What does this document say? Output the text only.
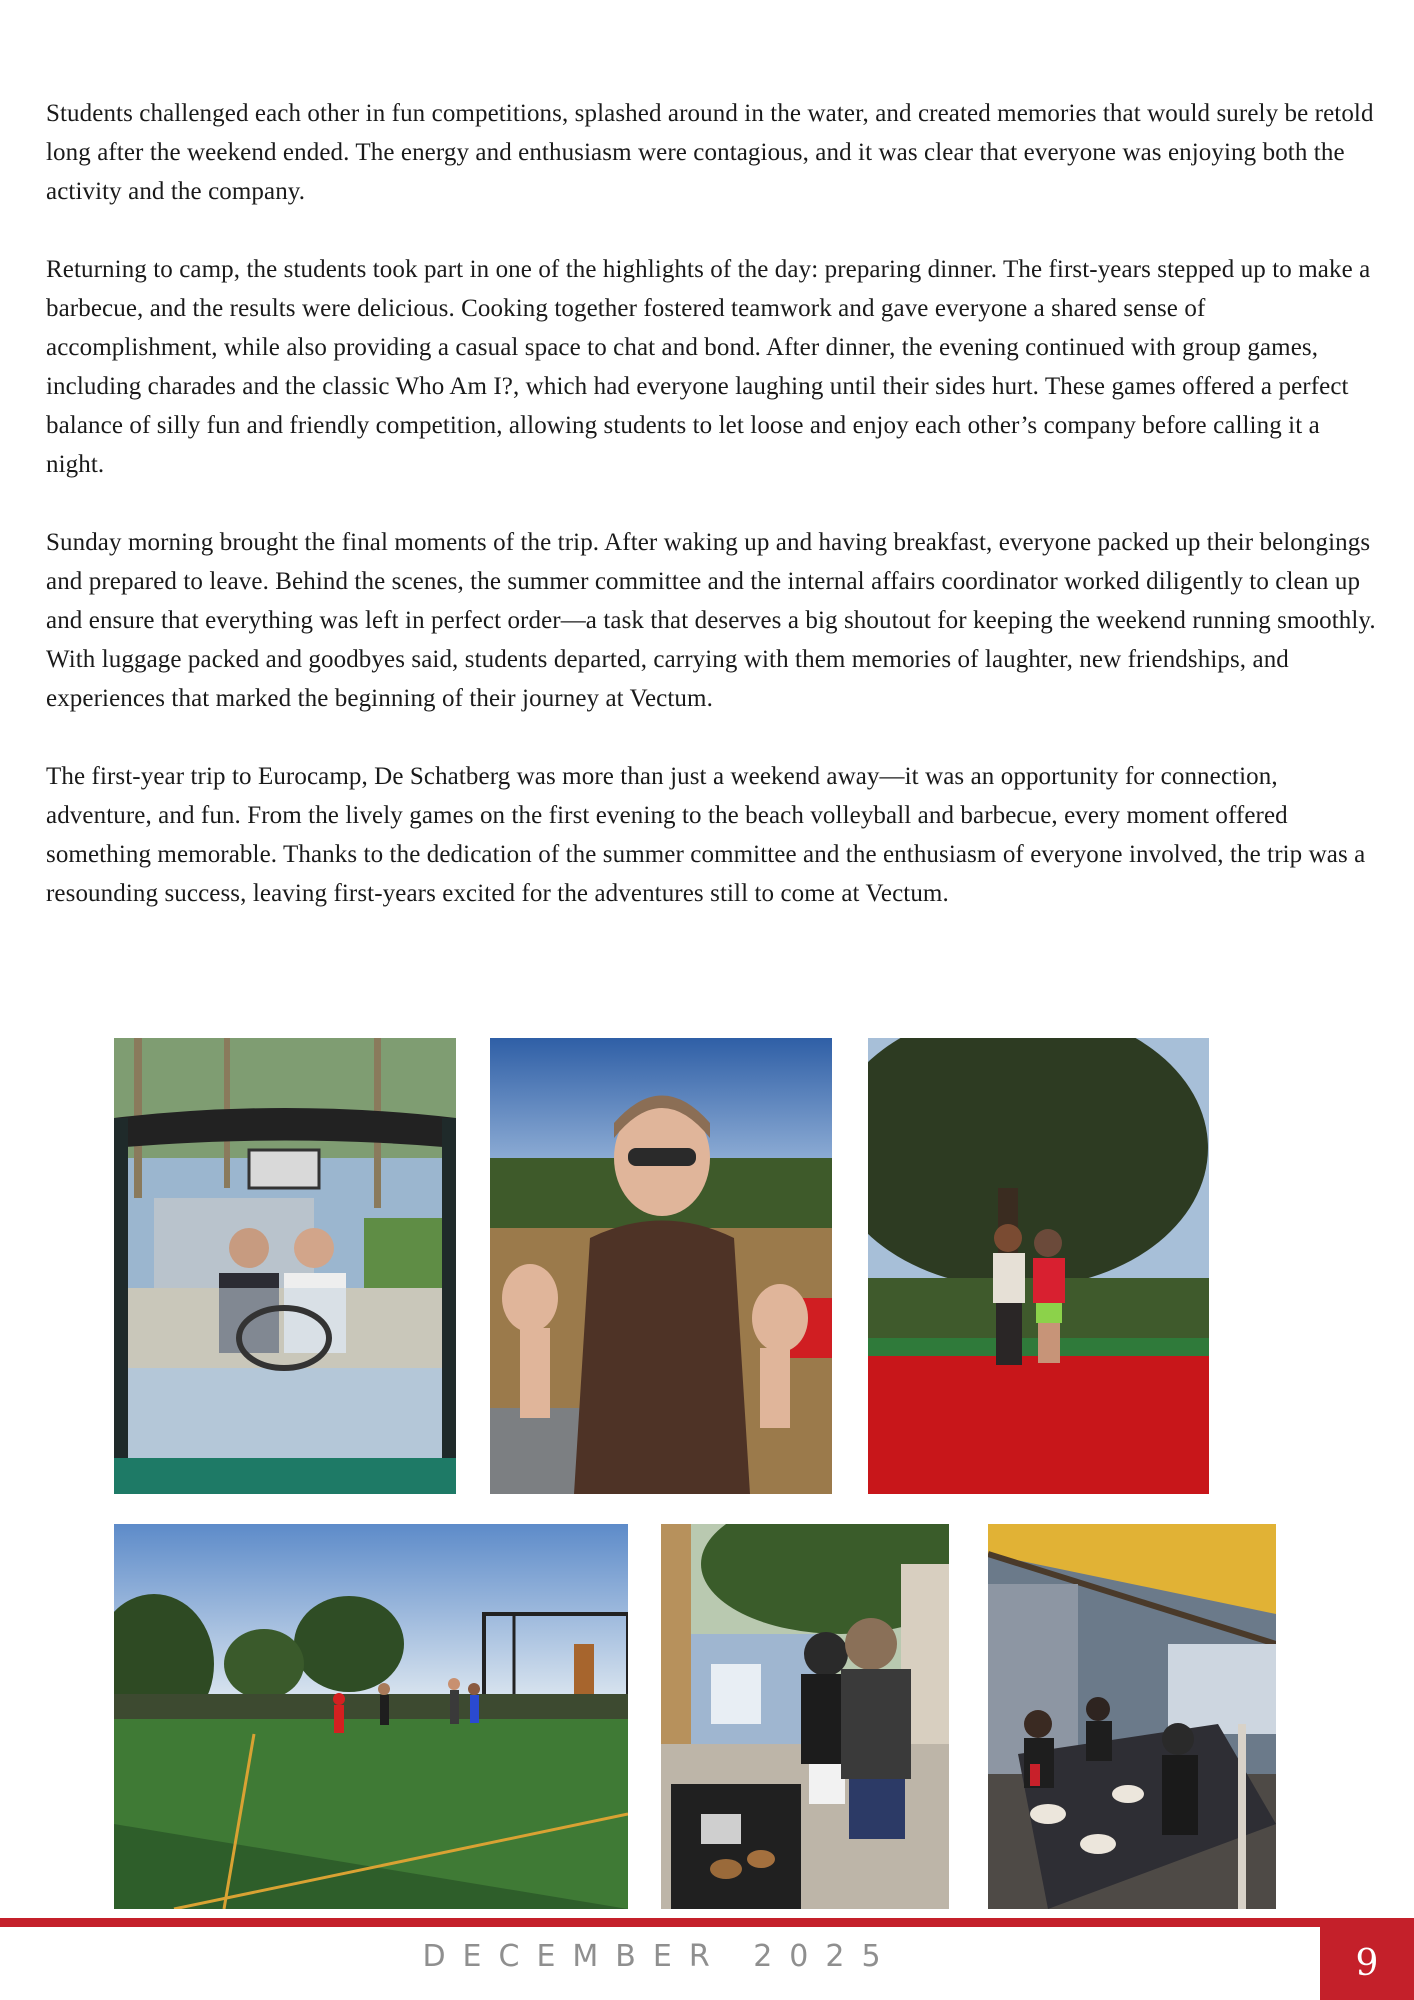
Students challenged each other in fun competitions, splashed around in the water, and created memories that would surely be retold long after the weekend ended. The energy and enthusiasm were contagious, and it was clear that everyone was enjoying both the activity and the company.

Returning to camp, the students took part in one of the highlights of the day: preparing dinner. The first-years stepped up to make a barbecue, and the results were delicious. Cooking together fostered teamwork and gave everyone a shared sense of accomplishment, while also providing a casual space to chat and bond. After dinner, the evening continued with group games, including charades and the classic Who Am I?, which had everyone laughing until their sides hurt. These games offered a perfect balance of silly fun and friendly competition, allowing students to let loose and enjoy each other’s company before calling it a night.

Sunday morning brought the final moments of the trip. After waking up and having breakfast, everyone packed up their belongings and prepared to leave. Behind the scenes, the summer committee and the internal affairs coordinator worked diligently to clean up and ensure that everything was left in perfect order—a task that deserves a big shoutout for keeping the weekend running smoothly. With luggage packed and goodbyes said, students departed, carrying with them memories of laughter, new friendships, and experiences that marked the beginning of their journey at Vectum.

The first-year trip to Eurocamp, De Schatberg was more than just a weekend away—it was an opportunity for connection, adventure, and fun. From the lively games on the first evening to the beach volleyball and barbecue, every moment offered something memorable. Thanks to the dedication of the summer committee and the enthusiasm of everyone involved, the trip was a resounding success, leaving first-years excited for the adventures still to come at Vectum.

DECEMBER 2025	9
